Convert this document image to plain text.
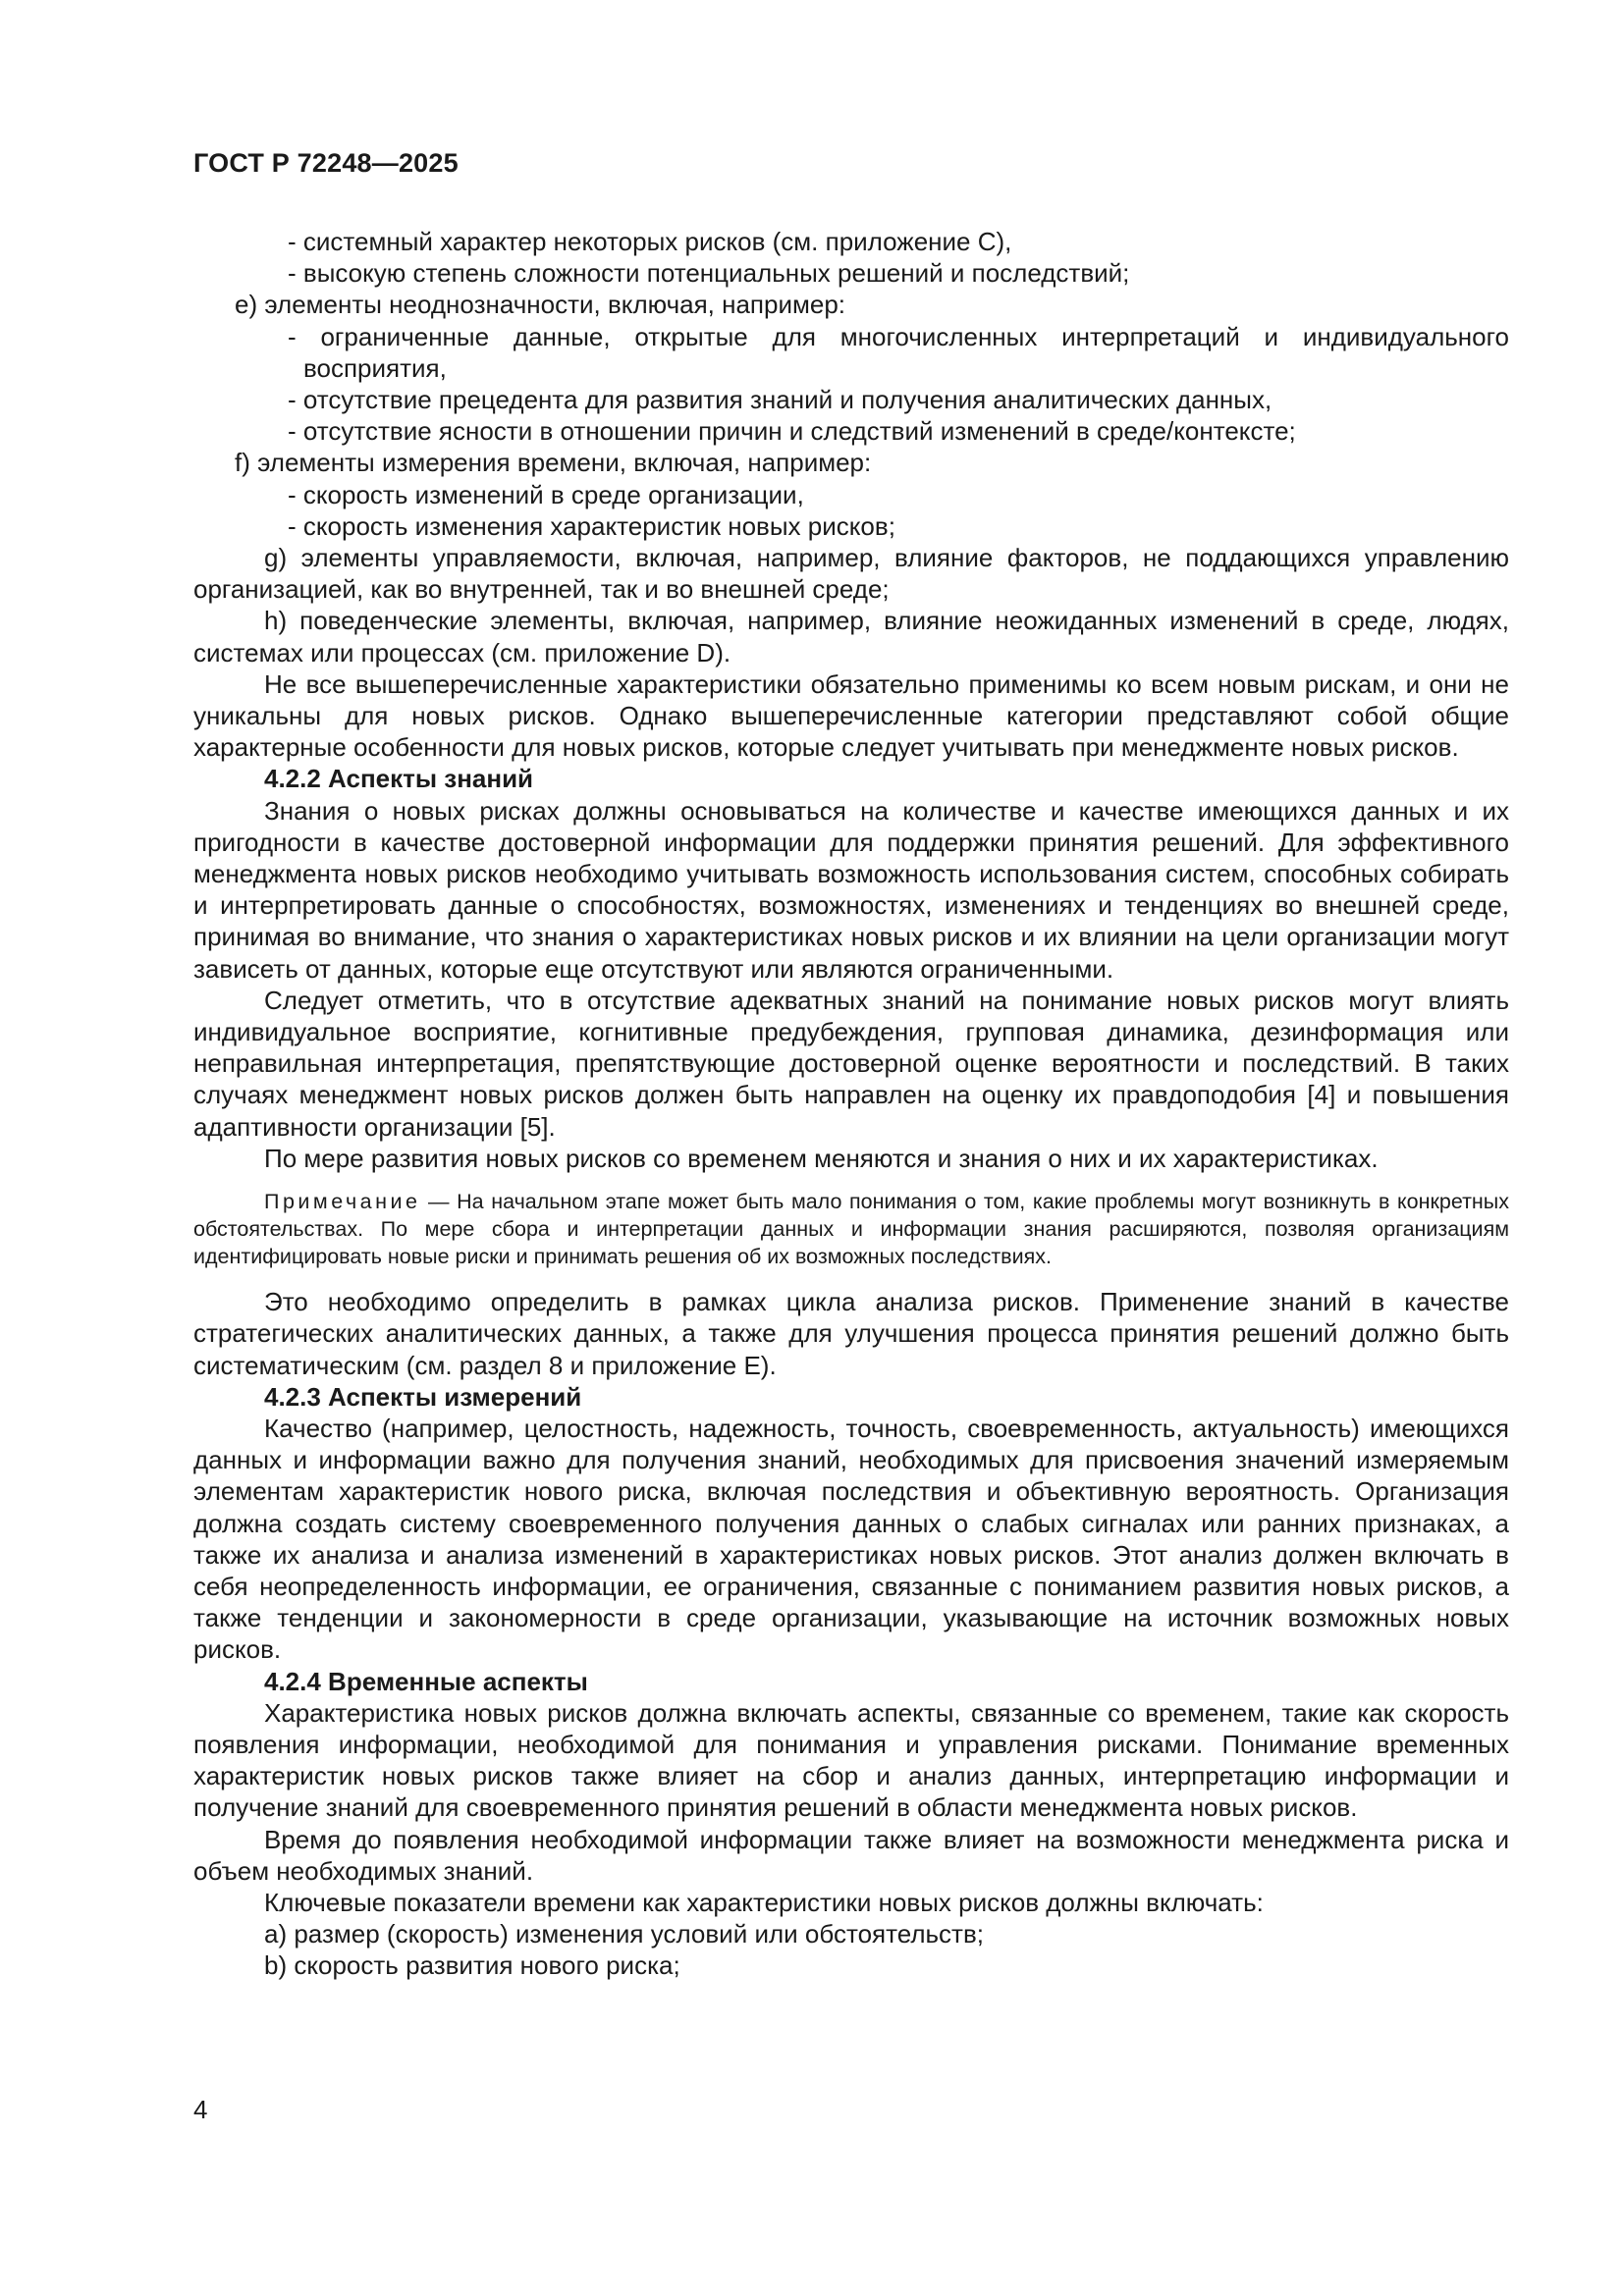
ГОСТ Р 72248—2025

- системный характер некоторых рисков (см. приложение С),

- высокую степень сложности потенциальных решений и последствий;

e) элементы неоднозначности, включая, например:

- ограниченные данные, открытые для многочисленных интерпретаций и индивидуального восприятия,

- отсутствие прецедента для развития знаний и получения аналитических данных,

- отсутствие ясности в отношении причин и следствий изменений в среде/контексте;

f) элементы измерения времени, включая, например:

- скорость изменений в среде организации,

- скорость изменения характеристик новых рисков;

g) элементы управляемости, включая, например, влияние факторов, не поддающихся управлению организацией, как во внутренней, так и во внешней среде;

h) поведенческие элементы, включая, например, влияние неожиданных изменений в среде, людях, системах или процессах (см. приложение D).

Не все вышеперечисленные характеристики обязательно применимы ко всем новым рискам, и они не уникальны для новых рисков. Однако вышеперечисленные категории представляют собой общие характерные особенности для новых рисков, которые следует учитывать при менеджменте новых рисков.

4.2.2 Аспекты знаний

Знания о новых рисках должны основываться на количестве и качестве имеющихся данных и их пригодности в качестве достоверной информации для поддержки принятия решений. Для эффективного менеджмента новых рисков необходимо учитывать возможность использования систем, способных собирать и интерпретировать данные о способностях, возможностях, изменениях и тенденциях во внешней среде, принимая во внимание, что знания о характеристиках новых рисков и их влиянии на цели организации могут зависеть от данных, которые еще отсутствуют или являются ограниченными.

Следует отметить, что в отсутствие адекватных знаний на понимание новых рисков могут влиять индивидуальное восприятие, когнитивные предубеждения, групповая динамика, дезинформация или неправильная интерпретация, препятствующие достоверной оценке вероятности и последствий. В таких случаях менеджмент новых рисков должен быть направлен на оценку их правдоподобия [4] и повышения адаптивности организации [5].

По мере развития новых рисков со временем меняются и знания о них и их характеристиках.

Примечание — На начальном этапе может быть мало понимания о том, какие проблемы могут возникнуть в конкретных обстоятельствах. По мере сбора и интерпретации данных и информации знания расширяются, позволяя организациям идентифицировать новые риски и принимать решения об их возможных последствиях.

Это необходимо определить в рамках цикла анализа рисков. Применение знаний в качестве стратегических аналитических данных, а также для улучшения процесса принятия решений должно быть систематическим (см. раздел 8 и приложение Е).

4.2.3 Аспекты измерений

Качество (например, целостность, надежность, точность, своевременность, актуальность) имеющихся данных и информации важно для получения знаний, необходимых для присвоения значений измеряемым элементам характеристик нового риска, включая последствия и объективную вероятность. Организация должна создать систему своевременного получения данных о слабых сигналах или ранних признаках, а также их анализа и анализа изменений в характеристиках новых рисков. Этот анализ должен включать в себя неопределенность информации, ее ограничения, связанные с пониманием развития новых рисков, а также тенденции и закономерности в среде организации, указывающие на источник возможных новых рисков.

4.2.4 Временные аспекты

Характеристика новых рисков должна включать аспекты, связанные со временем, такие как скорость появления информации, необходимой для понимания и управления рисками. Понимание временных характеристик новых рисков также влияет на сбор и анализ данных, интерпретацию информации и получение знаний для своевременного принятия решений в области менеджмента новых рисков.

Время до появления необходимой информации также влияет на возможности менеджмента риска и объем необходимых знаний.

Ключевые показатели времени как характеристики новых рисков должны включать:

a) размер (скорость) изменения условий или обстоятельств;

b) скорость развития нового риска;

4
